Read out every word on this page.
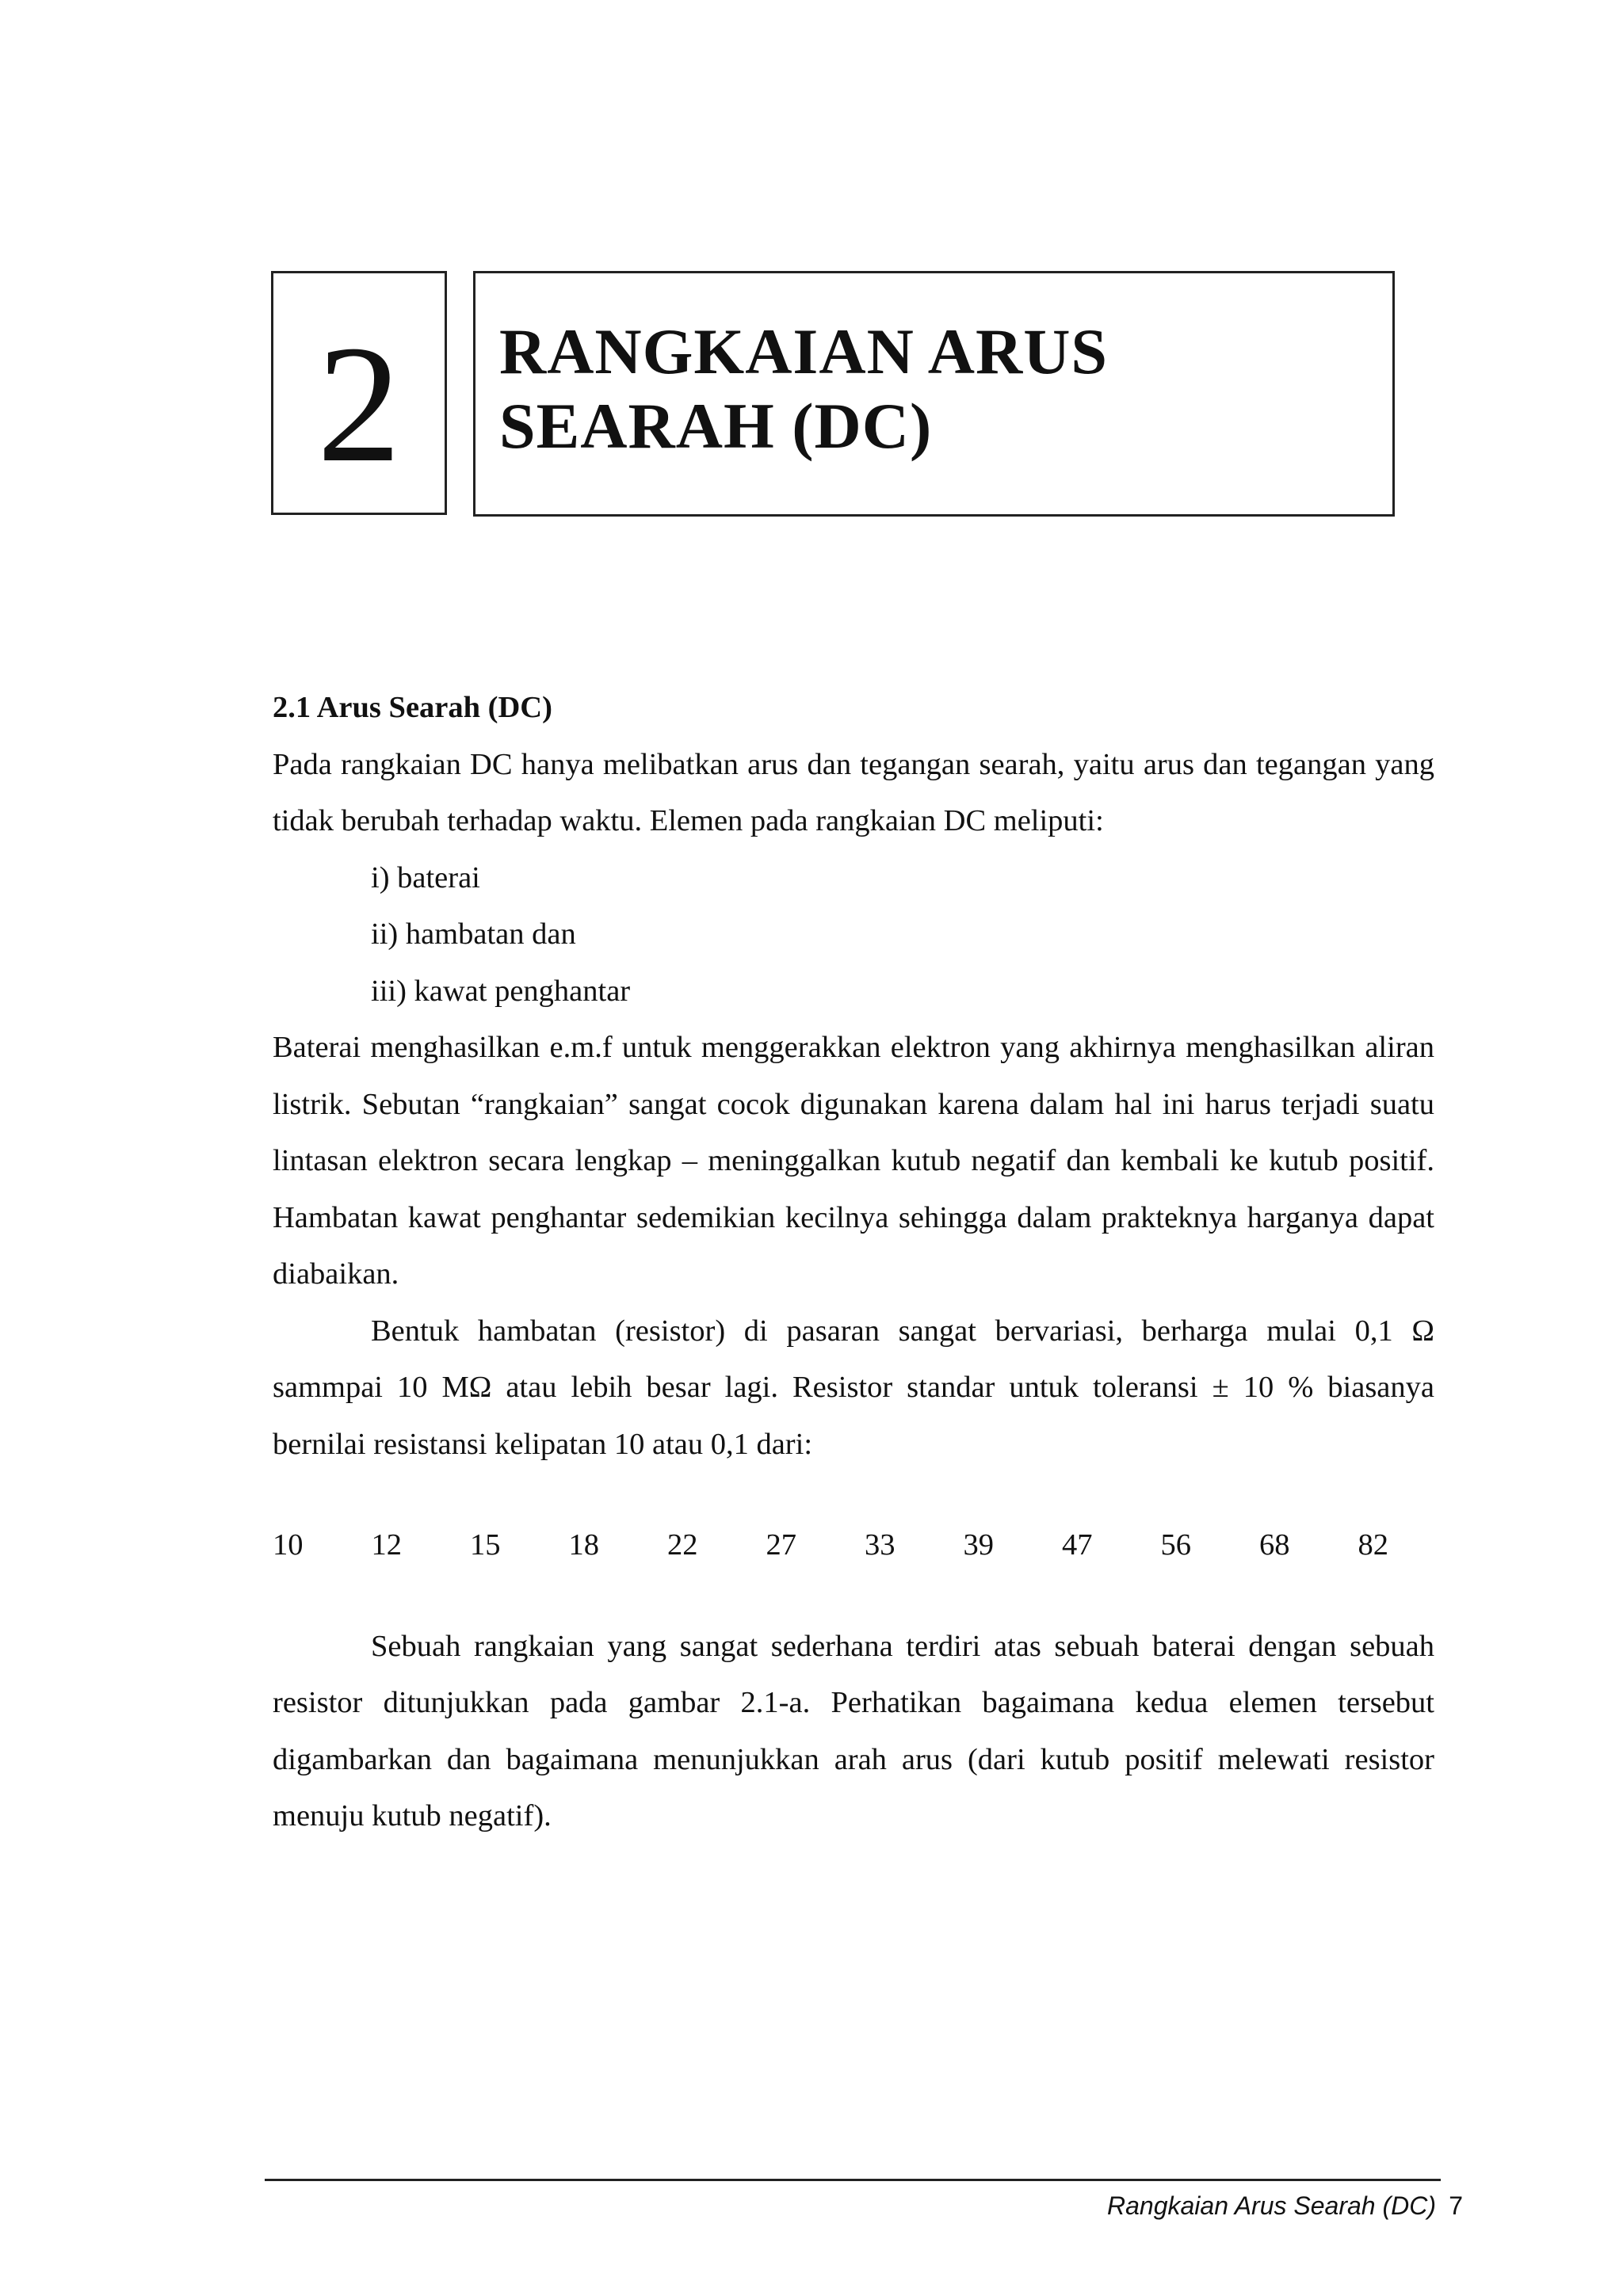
2 RANGKAIAN ARUS
SEARAH (DC)
2.1 Arus Searah (DC)

Pada rangkaian DC hanya melibatkan arus dan tegangan searah, yaitu arus dan tegangan yang tidak berubah terhadap waktu. Elemen pada rangkaian DC meliputi:

i) baterai
ii) hambatan dan
iii) kawat penghantar

Baterai menghasilkan e.m.f untuk menggerakkan elektron yang akhirnya menghasilkan aliran listrik. Sebutan “rangkaian” sangat cocok digunakan karena dalam hal ini harus terjadi suatu lintasan elektron secara lengkap – meninggalkan kutub negatif dan kembali ke kutub positif. Hambatan kawat penghantar sedemikian kecilnya sehingga dalam prakteknya harganya dapat diabaikan.

Bentuk hambatan (resistor) di pasaran sangat bervariasi, berharga mulai 0,1 Ω sammpai 10 MΩ atau lebih besar lagi. Resistor standar untuk toleransi ± 10 % biasanya bernilai resistansi kelipatan 10 atau 0,1 dari:

10	12	15	18	22	27	33	39	47	56	68	82

Sebuah rangkaian yang sangat sederhana terdiri atas sebuah baterai dengan sebuah resistor ditunjukkan pada gambar 2.1-a. Perhatikan bagaimana kedua elemen tersebut digambarkan dan bagaimana menunjukkan arah arus (dari kutub positif melewati resistor menuju kutub negatif).

Rangkaian Arus Searah (DC) 7
